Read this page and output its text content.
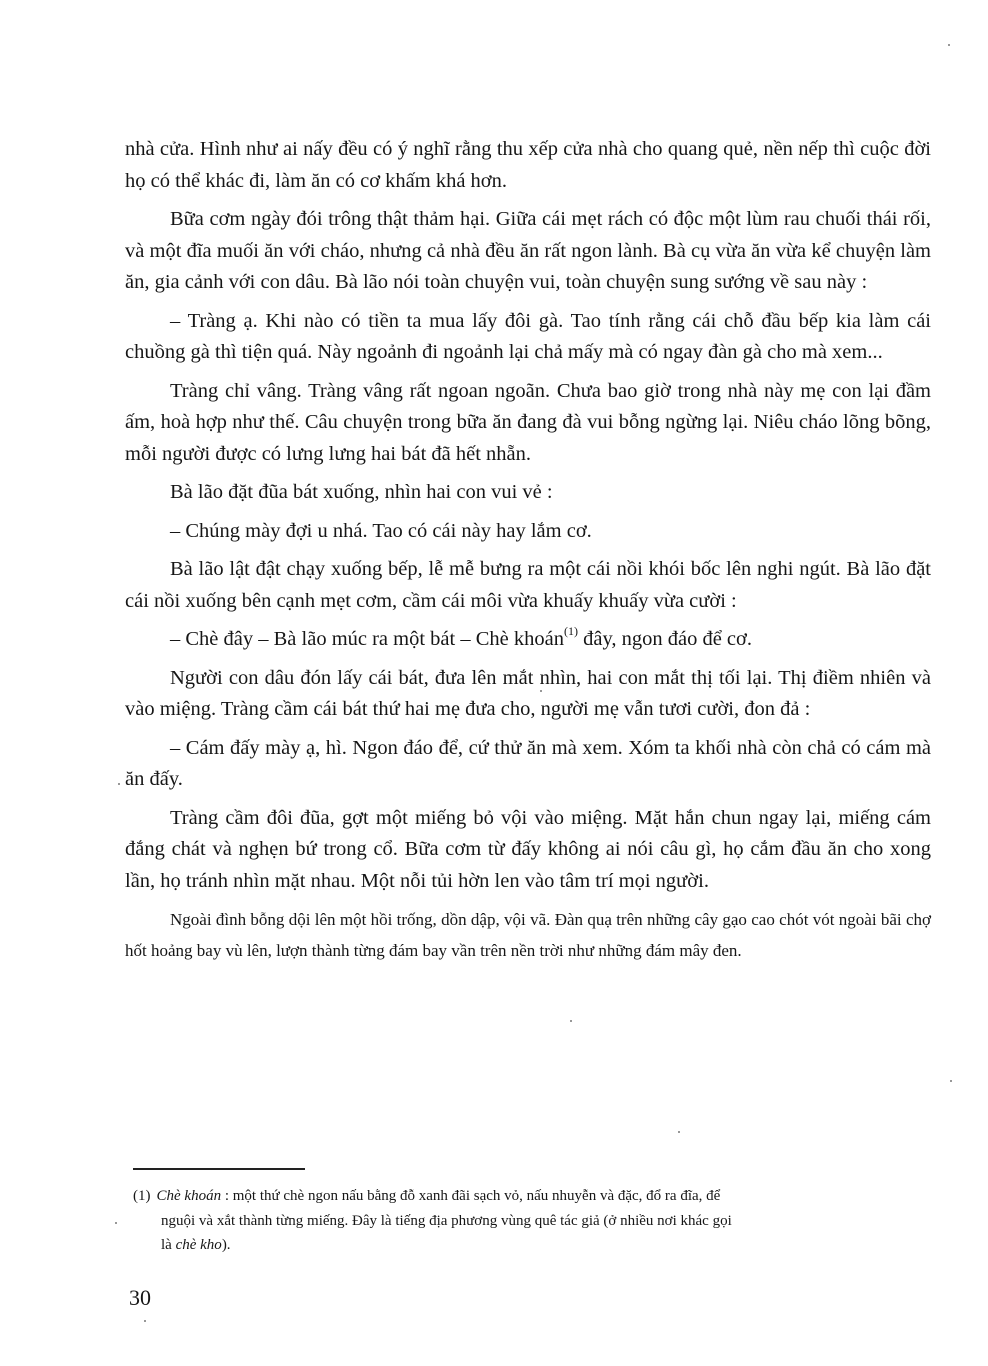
nhà cửa. Hình như ai nấy đều có ý nghĩ rằng thu xếp cửa nhà cho quang quẻ, nền nếp thì cuộc đời họ có thể khác đi, làm ăn có cơ khấm khá hơn.

Bữa cơm ngày đói trông thật thảm hại. Giữa cái mẹt rách có độc một lùm rau chuối thái rối, và một đĩa muối ăn với cháo, nhưng cả nhà đều ăn rất ngon lành. Bà cụ vừa ăn vừa kể chuyện làm ăn, gia cảnh với con dâu. Bà lão nói toàn chuyện vui, toàn chuyện sung sướng về sau này :

– Tràng ạ. Khi nào có tiền ta mua lấy đôi gà. Tao tính rằng cái chỗ đầu bếp kia làm cái chuồng gà thì tiện quá. Này ngoảnh đi ngoảnh lại chả mấy mà có ngay đàn gà cho mà xem...

Tràng chỉ vâng. Tràng vâng rất ngoan ngoãn. Chưa bao giờ trong nhà này mẹ con lại đầm ấm, hoà hợp như thế. Câu chuyện trong bữa ăn đang đà vui bỗng ngừng lại. Niêu cháo lõng bõng, mỗi người được có lưng lưng hai bát đã hết nhẵn.

Bà lão đặt đũa bát xuống, nhìn hai con vui vẻ :

– Chúng mày đợi u nhá. Tao có cái này hay lắm cơ.

Bà lão lật đật chạy xuống bếp, lễ mễ bưng ra một cái nồi khói bốc lên nghi ngút. Bà lão đặt cái nồi xuống bên cạnh mẹt cơm, cầm cái môi vừa khuấy khuấy vừa cười :

– Chè đây – Bà lão múc ra một bát – Chè khoán$^{(1)}$ đây, ngon đáo để cơ.

Người con dâu đón lấy cái bát, đưa lên mắt nhìn, hai con mắt thị tối lại. Thị điềm nhiên và vào miệng. Tràng cầm cái bát thứ hai mẹ đưa cho, người mẹ vẫn tươi cười, đon đả :

– Cám đấy mày ạ, hì. Ngon đáo để, cứ thử ăn mà xem. Xóm ta khối nhà còn chả có cám mà ăn đấy.

Tràng cầm đôi đũa, gợt một miếng bỏ vội vào miệng. Mặt hắn chun ngay lại, miếng cám đắng chát và nghẹn bứ trong cổ. Bữa cơm từ đấy không ai nói câu gì, họ cắm đầu ăn cho xong lần, họ tránh nhìn mặt nhau. Một nỗi tủi hờn len vào tâm trí mọi người.

Ngoài đình bỗng dội lên một hồi trống, dồn dập, vội vã. Đàn quạ trên những cây gạo cao chót vót ngoài bãi chợ hốt hoảng bay vù lên, lượn thành từng đám bay vần trên nền trời như những đám mây đen.

(1) Chè khoán : một thứ chè ngon nấu bằng đỗ xanh đãi sạch vỏ, nấu nhuyễn và đặc, đổ ra đĩa, để
nguội và xắt thành từng miếng. Đây là tiếng địa phương vùng quê tác giả (ở nhiều nơi khác gọi
là chè kho).
30
